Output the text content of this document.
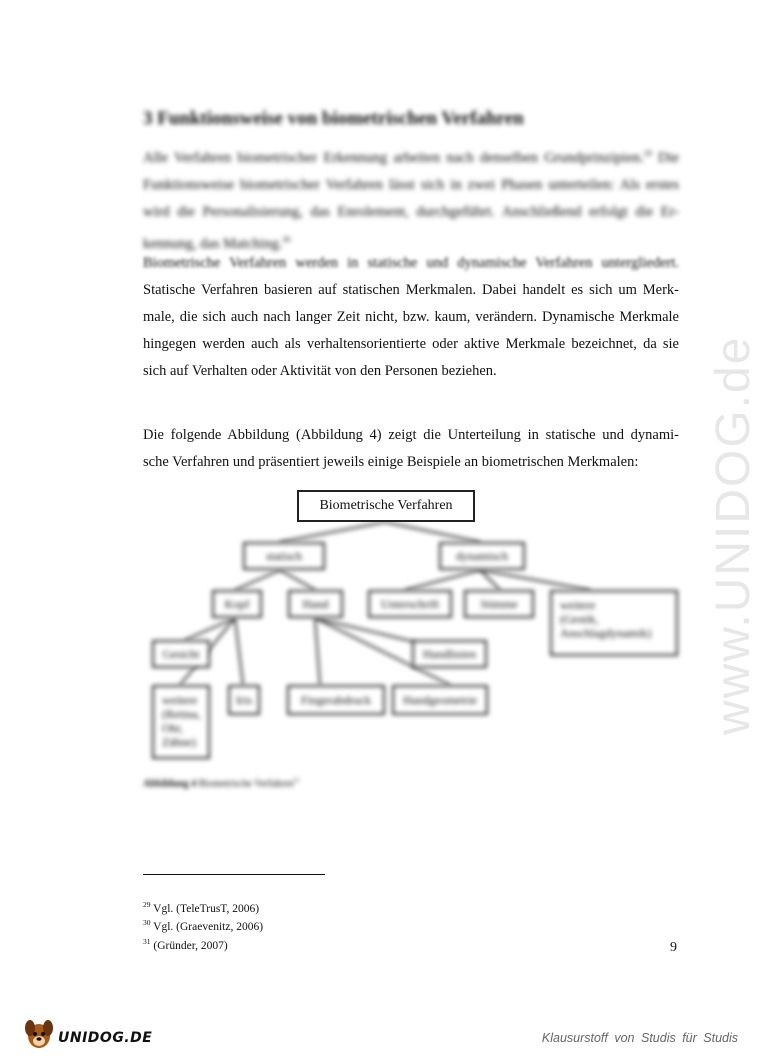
3 Funktionsweise von biometrischen Verfahren
Alle Verfahren biometrischer Erkennung arbeiten nach denselben Grundprinzipien.$^{29}$ Die
Funktionsweise biometrischer Verfahren lässt sich in zwei Phasen unterteilen: Als erstes
wird die Personalisierung, das Enrolement, durchgeführt. Anschließend erfolgt die Er-
kennung, das Matching.$^{30}$
Biometrische Verfahren werden in statische und dynamische Verfahren untergliedert.
Statische Verfahren basieren auf statischen Merkmalen. Dabei handelt es sich um Merk-
male, die sich auch nach langer Zeit nicht, bzw. kaum, verändern. Dynamische Merkmale
hingegen werden auch als verhaltensorientierte oder aktive Merkmale bezeichnet, da sie
sich auf Verhalten oder Aktivität von den Personen beziehen.
Die folgende Abbildung (Abbildung 4) zeigt die Unterteilung in statische und dynami-
sche Verfahren und präsentiert jeweils einige Beispiele an biometrischen Merkmalen:
Biometrische Verfahren
statisch	dynamisch
Kopf	Hand	Unterschrift	Stimme	weitere
(Gestik,
Anschlagdynamik)
Gesicht	Handlinien
weitere
(Retina,
Ohr,
Zähne)
Iris	Fingerabdruck	Handgeometrie
Abbildung 4 Biometrische Verfahren$^{31}$
$^{29}$ Vgl. (TeleTrusT, 2006)
$^{30}$ Vgl. (Graevenitz, 2006)
$^{31}$ (Gründer, 2007)	9
www.UNIDOG.de
UNIDOG.DE	Klausurstoff von Studis für Studis
